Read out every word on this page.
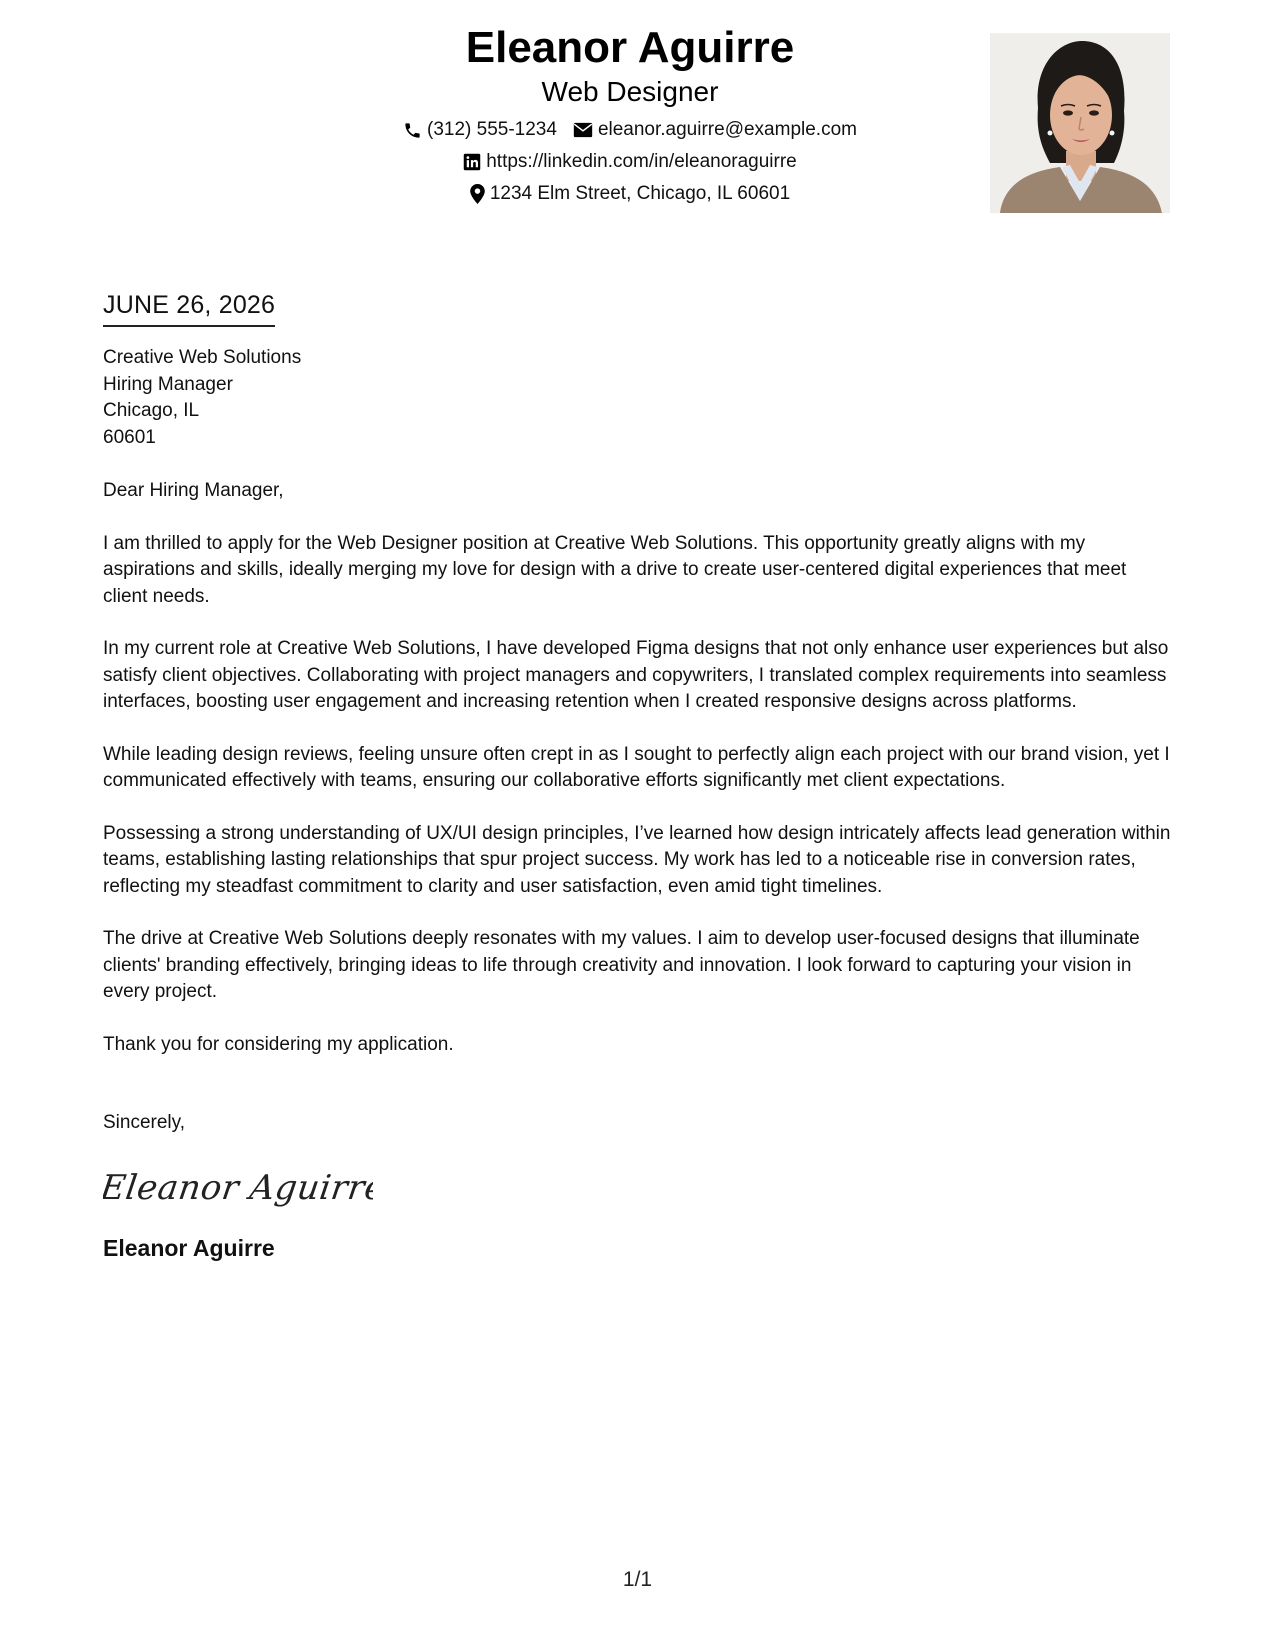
Eleanor Aguirre
Web Designer
(312) 555-1234 eleanor.aguirre@example.com
https://linkedin.com/in/eleanoraguirre
1234 Elm Street, Chicago, IL 60601
JUNE 26, 2026
Creative Web Solutions
Hiring Manager
Chicago, IL
60601
Dear Hiring Manager,
I am thrilled to apply for the Web Designer position at Creative Web Solutions. This opportunity greatly aligns with my aspirations and skills, ideally merging my love for design with a drive to create user-centered digital experiences that meet client needs.
In my current role at Creative Web Solutions, I have developed Figma designs that not only enhance user experiences but also satisfy client objectives. Collaborating with project managers and copywriters, I translated complex requirements into seamless interfaces, boosting user engagement and increasing retention when I created responsive designs across platforms.
While leading design reviews, feeling unsure often crept in as I sought to perfectly align each project with our brand vision, yet I communicated effectively with teams, ensuring our collaborative efforts significantly met client expectations.
Possessing a strong understanding of UX/UI design principles, I’ve learned how design intricately affects lead generation within teams, establishing lasting relationships that spur project success. My work has led to a noticeable rise in conversion rates, reflecting my steadfast commitment to clarity and user satisfaction, even amid tight timelines.
The drive at Creative Web Solutions deeply resonates with my values. I aim to develop user-focused designs that illuminate clients' branding effectively, bringing ideas to life through creativity and innovation. I look forward to capturing your vision in every project.
Thank you for considering my application.
Sincerely,
Eleanor Aguirre
Eleanor Aguirre
1/1
